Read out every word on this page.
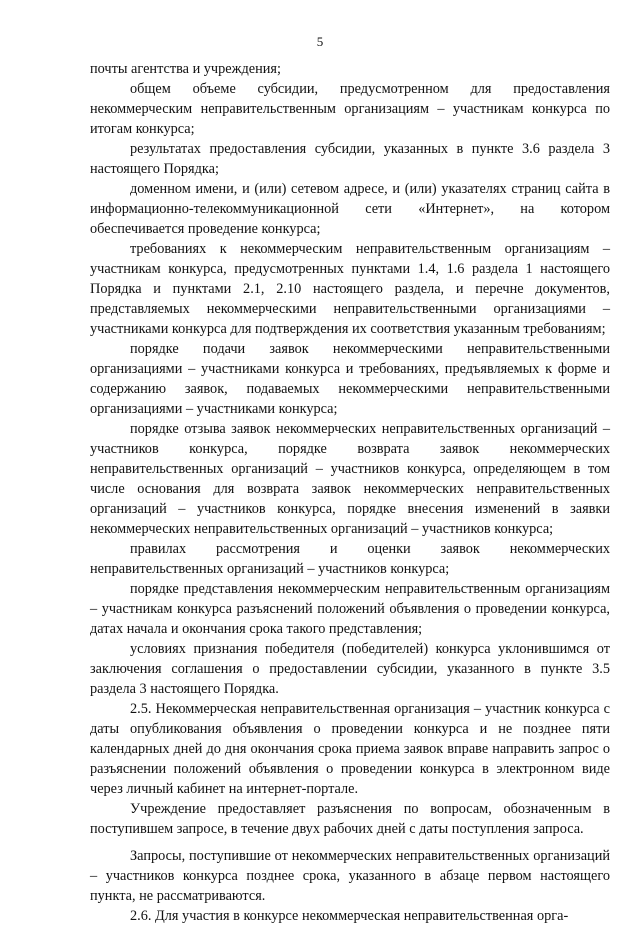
5

почты агентства и учреждения;

общем объеме субсидии, предусмотренном для предоставления некоммерческим неправительственным организациям – участникам конкурса по итогам конкурса;

результатах предоставления субсидии, указанных в пункте 3.6 раздела 3 настоящего Порядка;

доменном имени, и (или) сетевом адресе, и (или) указателях страниц сайта в информационно-телекоммуникационной сети «Интернет», на котором обеспечивается проведение конкурса;

требованиях к некоммерческим неправительственным организациям – участникам конкурса, предусмотренных пунктами 1.4, 1.6 раздела 1 настоящего Порядка и пунктами 2.1, 2.10 настоящего раздела, и перечне документов, представляемых некоммерческими неправительственными организациями – участниками конкурса для подтверждения их соответствия указанным требованиям;

порядке подачи заявок некоммерческими неправительственными организациями – участниками конкурса и требованиях, предъявляемых к форме и содержанию заявок, подаваемых некоммерческими неправительственными организациями – участниками конкурса;

порядке отзыва заявок некоммерческих неправительственных организаций – участников конкурса, порядке возврата заявок некоммерческих неправительственных организаций – участников конкурса, определяющем в том числе основания для возврата заявок некоммерческих неправительственных организаций – участников конкурса, порядке внесения изменений в заявки некоммерческих неправительственных организаций – участников конкурса;

правилах рассмотрения и оценки заявок некоммерческих неправительственных организаций – участников конкурса;

порядке представления некоммерческим неправительственным организациям – участникам конкурса разъяснений положений объявления о проведении конкурса, датах начала и окончания срока такого представления;

условиях признания победителя (победителей) конкурса уклонившимся от заключения соглашения о предоставлении субсидии, указанного в пункте 3.5 раздела 3 настоящего Порядка.

2.5. Некоммерческая неправительственная организация – участник конкурса с даты опубликования объявления о проведении конкурса и не позднее пяти календарных дней до дня окончания срока приема заявок вправе направить запрос о разъяснении положений объявления о проведении конкурса в электронном виде через личный кабинет на интернет-портале.

Учреждение предоставляет разъяснения по вопросам, обозначенным в поступившем запросе, в течение двух рабочих дней с даты поступления запроса.

Запросы, поступившие от некоммерческих неправительственных организаций – участников конкурса позднее срока, указанного в абзаце первом настоящего пункта, не рассматриваются.

2.6. Для участия в конкурсе некоммерческая неправительственная орга-
